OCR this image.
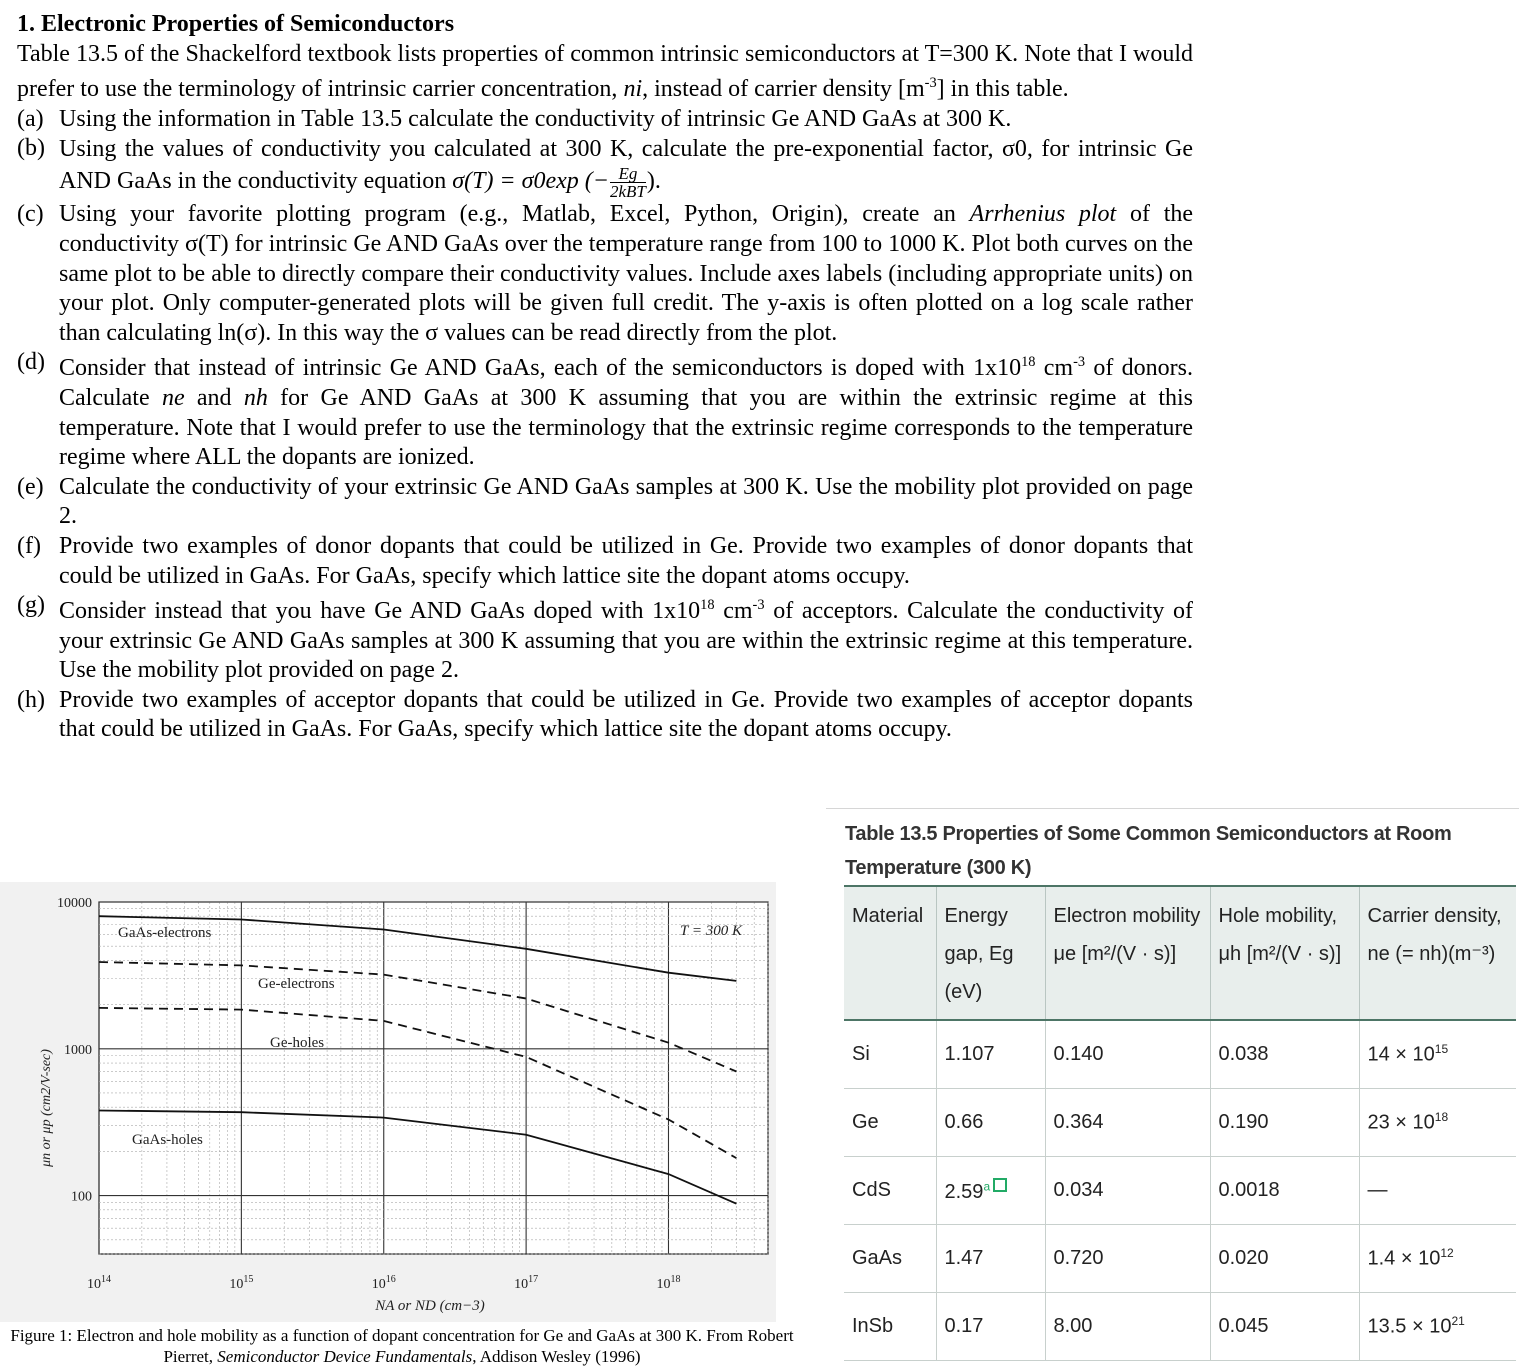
1. Electronic Properties of Semiconductors
Table 13.5 of the Shackelford textbook lists properties of common intrinsic semiconductors at T=300 K. Note that I would prefer to use the terminology of intrinsic carrier concentration, ni, instead of carrier density $[m^{-3}]$ in this table.
(a) Using the information in Table 13.5 calculate the conductivity of intrinsic Ge AND GaAs at 300 K.
(b) Using the values of conductivity you calculated at 300 K, calculate the pre-exponential factor, σ0, for intrinsic Ge AND GaAs in the conductivity equation σ(T) = σ0exp (− $\frac{Eg}{\text{2kBT}}$ ).
(c) Using your favorite plotting program (e.g., Matlab, Excel, Python, Origin), create an Arrhenius plot of the conductivity σ(T) for intrinsic Ge AND GaAs over the temperature range from 100 to 1000 K. Plot both curves on the same plot to be able to directly compare their conductivity values. Include axes labels (including appropriate units) on your plot. Only computer-generated plots will be given full credit. The y-axis is often plotted on a log scale rather than calculating ln(σ). In this way the σ values can be read directly from the plot.
(d) Consider that instead of intrinsic Ge AND GaAs, each of the semiconductors is doped with $1x10^{18}$ $cm^{-3}$ of donors. Calculate ne and nh for Ge AND GaAs at 300 K assuming that you are within the extrinsic regime at this temperature. Note that I would prefer to use the terminology that the extrinsic regime corresponds to the temperature regime where ALL the dopants are ionized.
(e) Calculate the conductivity of your extrinsic Ge AND GaAs samples at 300 K. Use the mobility plot provided on page 2.
(f) Provide two examples of donor dopants that could be utilized in Ge. Provide two examples of donor dopants that could be utilized in GaAs. For GaAs, specify which lattice site the dopant atoms occupy.
(g) Consider instead that you have Ge AND GaAs doped with $1x10^{18}$ $cm^{-3}$ of acceptors. Calculate the conductivity of your extrinsic Ge AND GaAs samples at 300 K assuming that you are within the extrinsic regime at this temperature. Use the mobility plot provided on page 2.
(h) Provide two examples of acceptor dopants that could be utilized in Ge. Provide two examples of acceptor dopants that could be utilized in GaAs. For GaAs, specify which lattice site the dopant atoms occupy.
GaAs-electrons
Ge-electrons
Ge-holes
GaAs-holes
T = 300 K
10000
1000
100
$10^{14}$	$10^{15}$	$10^{16}$	$10^{17}$	$10^{18}$
NA or ND (cm−3)
μn or μp (cm2/V-sec)
Figure 1: Electron and hole mobility as a function of dopant concentration for Ge and GaAs at 300 K. From Robert Pierret, Semiconductor Device Fundamentals, Addison Wesley (1996)
Table 13.5 Properties of Some Common Semiconductors at Room Temperature (300 K)
Material	Energy gap, Eg (eV)	Electron mobility μe [m²/(V · s)]	Hole mobility, μh [m²/(V · s)]	Carrier density, ne (= nh)(m⁻³)
Si	1.107	0.140	0.038	$14 \times 10^{15}$
Ge	0.66	0.364	0.190	$23 \times 10^{18}$
CdS	2.59$^a$	0.034	0.0018	—
GaAs	1.47	0.720	0.020	$1.4 \times 10^{12}$
InSb	0.17	8.00	0.045	$13.5 \times 10^{21}$
